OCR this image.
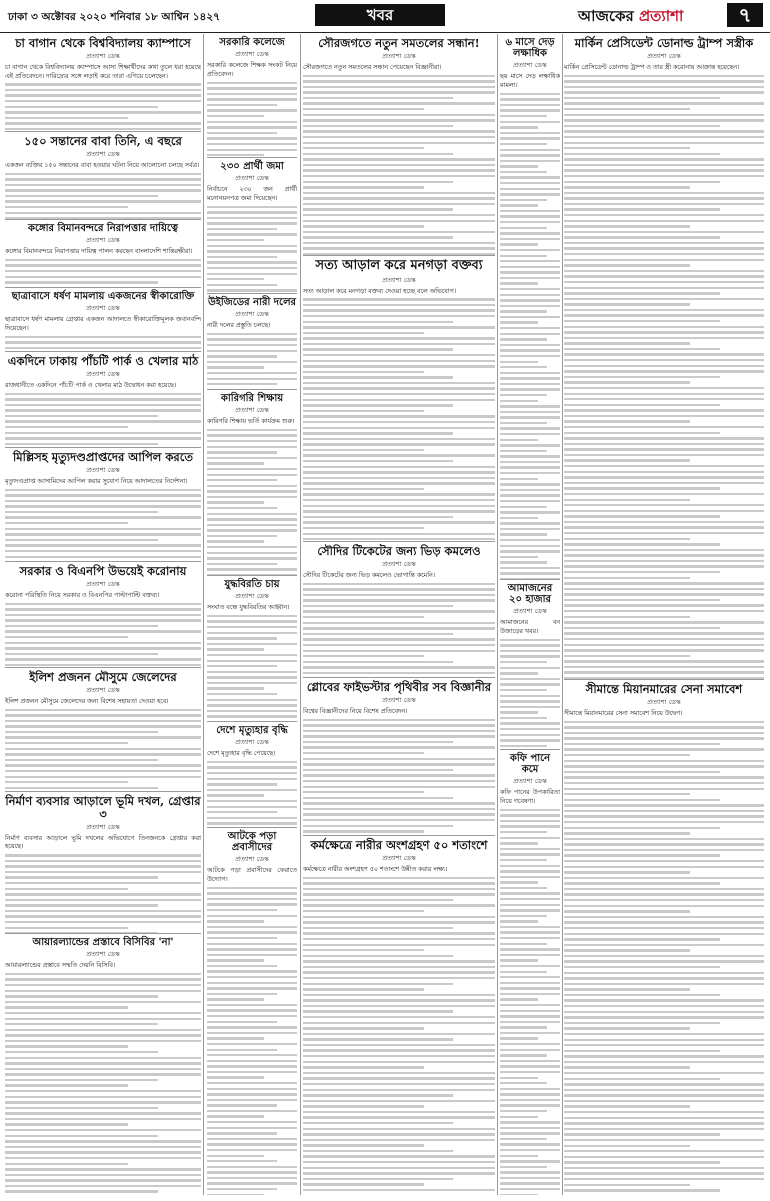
ঢাকা ৩ অক্টোবর ২০২০ শনিবার ১৮ আশ্বিন ১৪২৭	খবর	আজকের প্রত্যাশা	৭
চা বাগান থেকে বিশ্ববিদ্যালয় ক্যাম্পাসে
প্রত্যাশা ডেস্ক

চা বাগান থেকে বিশ্ববিদ্যালয় ক্যাম্পাসে আসা শিক্ষার্থীদের কথা তুলে ধরা হয়েছে এই প্রতিবেদনে। দারিদ্র্যের সঙ্গে লড়াই করে তারা এগিয়ে চলেছেন।

১৫০ সন্তানের বাবা তিনি, এ বছরে
প্রত্যাশা ডেস্ক

একজন ব্যক্তির ১৫০ সন্তানের বাবা হওয়ার ঘটনা নিয়ে আলোচনা চলছে সর্বত্র।

কঙ্গোর বিমানবন্দরে নিরাপত্তার দায়িত্বে
প্রত্যাশা ডেস্ক

কঙ্গোর বিমানবন্দরে নিরাপত্তার দায়িত্ব পালন করছেন বাংলাদেশি শান্তিরক্ষীরা।

ছাত্রাবাসে ধর্ষণ মামলায় একজনের স্বীকারোক্তি
প্রত্যাশা ডেস্ক

ছাত্রাবাসে ধর্ষণ মামলায় গ্রেপ্তার একজন আদালতে স্বীকারোক্তিমূলক জবানবন্দি দিয়েছেন।

একদিনে ঢাকায় পাঁচটি পার্ক ও খেলার মাঠ
প্রত্যাশা ডেস্ক

রাজধানীতে একদিনে পাঁচটি পার্ক ও খেলার মাঠ উদ্বোধন করা হয়েছে।

মিল্লিসহ মৃত্যুদণ্ডপ্রাপ্তদের আপিল করতে
প্রত্যাশা ডেস্ক

মৃত্যুদণ্ডপ্রাপ্ত আসামিদের আপিল করার সুযোগ নিয়ে আদালতের নির্দেশনা।

সরকার ও বিএনপি উভয়েই করোনায়
প্রত্যাশা ডেস্ক

করোনা পরিস্থিতি নিয়ে সরকার ও বিএনপির পাল্টাপাল্টি বক্তব্য।

ইলিশ প্রজনন মৌসুমে জেলেদের
প্রত্যাশা ডেস্ক

ইলিশ প্রজনন মৌসুমে জেলেদের জন্য বিশেষ সহায়তা দেওয়া হবে।

নির্মাণ ব্যবসার আড়ালে ভূমি দখল, গ্রেপ্তার ৩
প্রত্যাশা ডেস্ক

নির্মাণ ব্যবসার আড়ালে ভূমি দখলের অভিযোগে তিনজনকে গ্রেপ্তার করা হয়েছে।

আয়ারল্যান্ডের প্রস্তাবে বিসিবির 'না'
প্রত্যাশা ডেস্ক

আয়ারল্যান্ডের প্রস্তাবে সম্মতি দেয়নি বিসিবি।

সরকারি কলেজে
প্রত্যাশা ডেস্ক

সরকারি কলেজে শিক্ষক সংকট নিয়ে প্রতিবেদন।

২৩০ প্রার্থী জমা
প্রত্যাশা ডেস্ক

নির্বাচনে ২৩০ জন প্রার্থী মনোনয়নপত্র জমা দিয়েছেন।

উইজিডের নারী দলের
প্রত্যাশা ডেস্ক

নারী দলের প্রস্তুতি চলছে।

কারিগরি শিক্ষায়
প্রত্যাশা ডেস্ক

কারিগরি শিক্ষায় ভর্তি কার্যক্রম শুরু।

যুদ্ধবিরতি চায়
প্রত্যাশা ডেস্ক

সংঘাত বন্ধে যুদ্ধবিরতির আহ্বান।

দেশে মৃত্যুহার বৃদ্ধি
প্রত্যাশা ডেস্ক

দেশে মৃত্যুহার বৃদ্ধি পেয়েছে।

আটকে পড়া প্রবাসীদের
প্রত্যাশা ডেস্ক

আটকে পড়া প্রবাসীদের ফেরাতে উদ্যোগ।

সৌরজগতে নতুন সমতলের সন্ধান!
প্রত্যাশা ডেস্ক

সৌরজগতে নতুন সমতলের সন্ধান পেয়েছেন বিজ্ঞানীরা।

সত্য আড়াল করে মনগড়া বক্তব্য
প্রত্যাশা ডেস্ক

সত্য আড়াল করে মনগড়া বক্তব্য দেওয়া হচ্ছে বলে অভিযোগ।

সৌদির টিকেটের জন্য ভিড় কমলেও
প্রত্যাশা ডেস্ক

সৌদির টিকেটের জন্য ভিড় কমলেও ভোগান্তি কমেনি।

গ্লোবের ফাইভস্টার পৃথিবীর সব বিজ্ঞানীর
প্রত্যাশা ডেস্ক

বিশ্বের বিজ্ঞানীদের নিয়ে বিশেষ প্রতিবেদন।

কর্মক্ষেত্রে নারীর অংশগ্রহণ ৫০ শতাংশে
প্রত্যাশা ডেস্ক

কর্মক্ষেত্রে নারীর অংশগ্রহণ ৫০ শতাংশে উন্নীত করার লক্ষ্য।

৬ মাসে দেড় লক্ষাধিক
প্রত্যাশা ডেস্ক

ছয় মাসে দেড় লক্ষাধিক মামলা।

আমাজনের ২০ হাজার
প্রত্যাশা ডেস্ক

আমাজনের বন উজাড়ের খবর।

কফি পানে কমে
প্রত্যাশা ডেস্ক

কফি পানের উপকারিতা নিয়ে গবেষণা।

মার্কিন প্রেসিডেন্ট ডোনাল্ড ট্রাম্প সস্ত্রীক
প্রত্যাশা ডেস্ক

মার্কিন প্রেসিডেন্ট ডোনাল্ড ট্রাম্প ও তার স্ত্রী করোনায় আক্রান্ত হয়েছেন।

সীমান্তে মিয়ানমারের সেনা সমাবেশ
প্রত্যাশা ডেস্ক

সীমান্তে মিয়ানমারের সেনা সমাবেশ নিয়ে উদ্বেগ।
